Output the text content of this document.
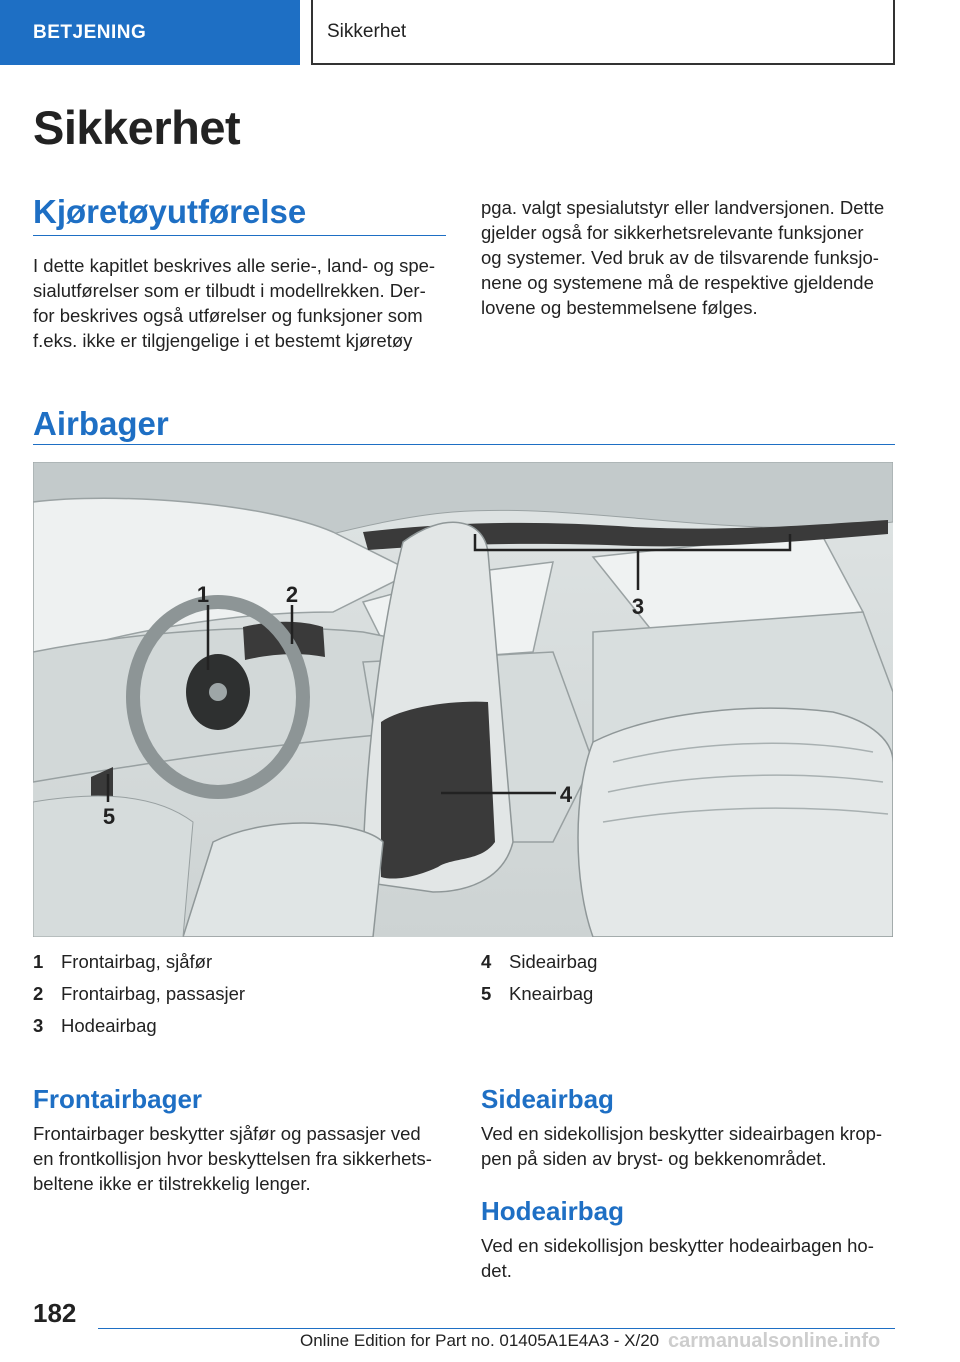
BETJENING	Sikkerhet
Sikkerhet
Kjøretøyutførelse
I dette kapitlet beskrives alle serie-, land- og spe-
sialutførelser som er tilbudt i modellrekken. Der-
for beskrives også utførelser og funksjoner som
f.eks. ikke er tilgjengelige i et bestemt kjøretøy
pga. valgt spesialutstyr eller landversjonen. Dette
gjelder også for sikkerhetsrelevante funksjoner
og systemer. Ved bruk av de tilsvarende funksjo-
nene og systemene må de respektive gjeldende
lovene og bestemmelsene følges.
Airbager
1	2	3
4
5
1 Frontairbag, sjåfør
2 Frontairbag, passasjer
3 Hodeairbag
4 Sideairbag
5 Kneairbag
Frontairbager
Frontairbager beskytter sjåfør og passasjer ved
en frontkollisjon hvor beskyttelsen fra sikkerhets-
beltene ikke er tilstrekkelig lenger.
Sideairbag
Ved en sidekollisjon beskytter sideairbagen krop-
pen på siden av bryst- og bekkenområdet.
Hodeairbag
Ved en sidekollisjon beskytter hodeairbagen ho-
det.
182
Online Edition for Part no. 01405A1E4A3 - X/20 carmanualsonline.info
